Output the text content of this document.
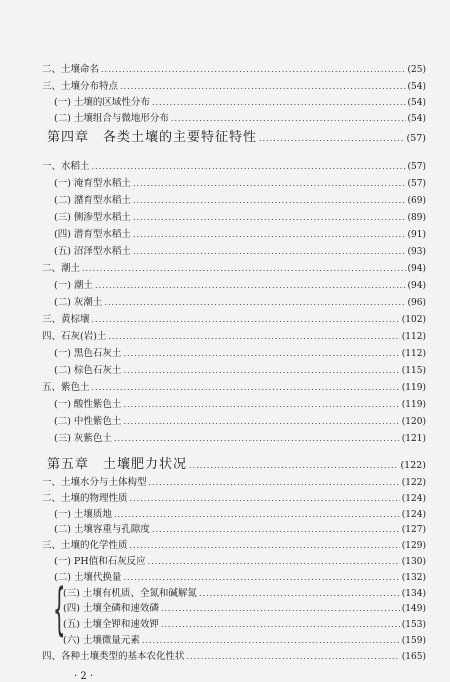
二、土壤命名 .....	(25)
三、土壤分布特点 .....	(54)
(一) 土壤的区域性分布 .....	(54)
(二) 土壤组合与微地形分布 .....	(54)
第四章　各类土壤的主要特征特性 .....	(57)
一、水稻土 .....	(57)
(一) 淹育型水稻土 .....	(57)
(二) 潴育型水稻土 .....	(69)
(三) 侧渗型水稻土 .....	(89)
(四) 潜育型水稻土 .....	(91)
(五) 沼泽型水稻土 .....	(93)
二、潮土 .....	(94)
(一) 潮土 .....	(94)
(二) 灰潮土 .....	(96)
三、黄棕壤 .....	(102)
四、石灰(岩)土 .....	(112)
(一) 黑色石灰土 .....	(112)
(二) 棕色石灰土 .....	(115)
五、紫色土 .....	(119)
(一) 酸性紫色土 .....	(119)
(二) 中性紫色土 .....	(120)
(三) 灰紫色土 .....	(121)
第五章　土壤肥力状况 .....	(122)
一、土壤水分与土体构型 .....	(122)
二、土壤的物理性质 .....	(124)
(一) 土壤质地 .....	(124)
(二) 土壤容重与孔隙度 .....	(127)
三、土壤的化学性质 .....	(129)
(一) PH值和石灰反应 .....	(130)
(二) 土壤代换量 .....	(132)
(三) 土壤有机质、全氮和碱解氮 .....	(134)
(四) 土壤全磷和速效磷 .....	(149)
(五) 土壤全钾和速效钾 .....	(153)
(六) 土壤微量元素 .....	(159)
四、各种土壤类型的基本农化性状 .....	(165)
{
· 2 ·
